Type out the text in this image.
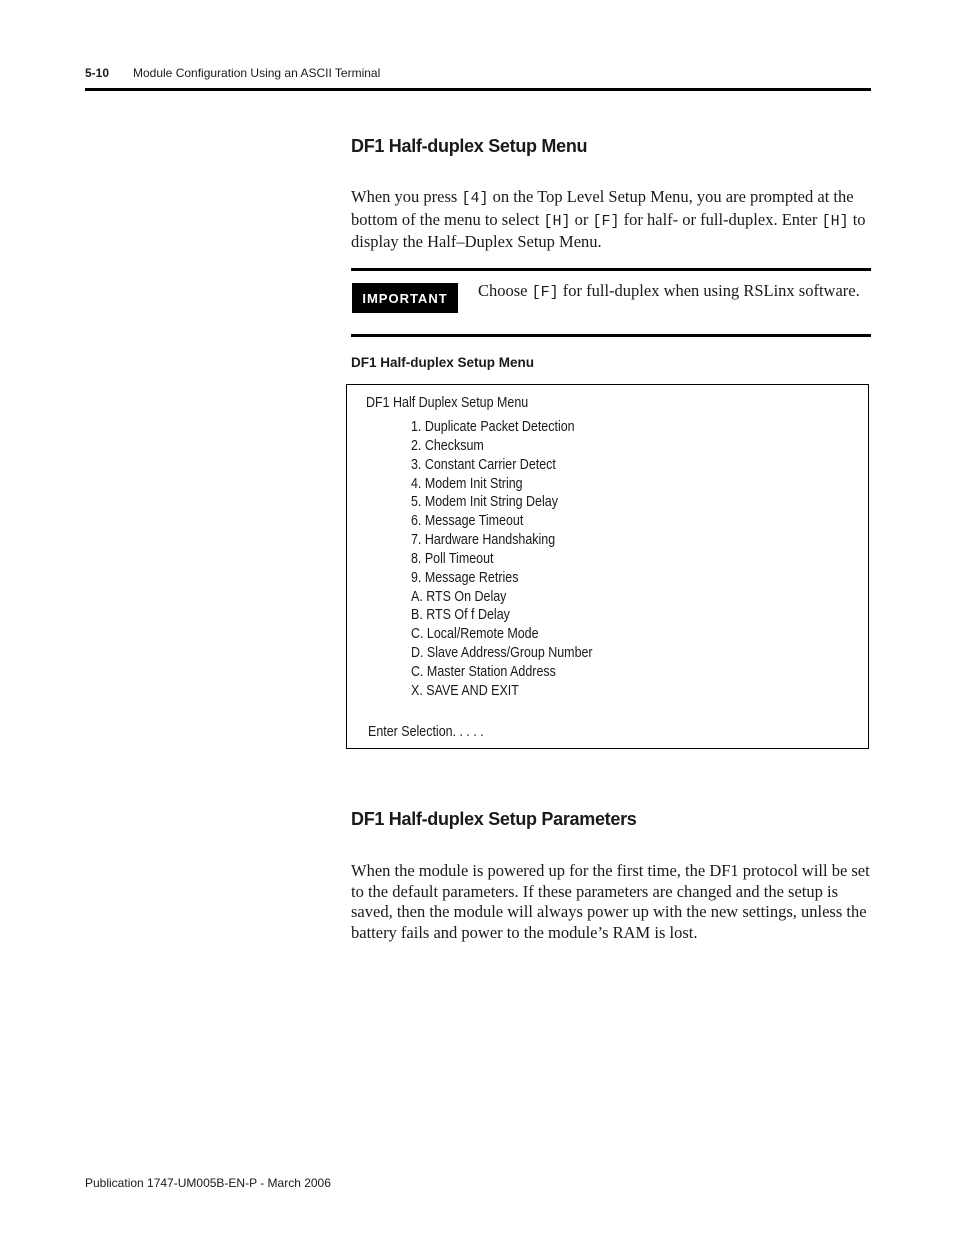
5-10 Module Configuration Using an ASCII Terminal
DF1 Half-duplex Setup Menu
When you press [4] on the Top Level Setup Menu, you are prompted at the bottom of the menu to select [H] or [F] for half- or full-duplex. Enter [H] to display the Half–Duplex Setup Menu.
IMPORTANT	Choose [F] for full-duplex when using RSLinx software.
DF1 Half-duplex Setup Menu
DF1 Half Duplex Setup Menu
1. Duplicate Packet Detection
2. Checksum
3. Constant Carrier Detect
4. Modem Init String
5. Modem Init String Delay
6. Message Timeout
7. Hardware Handshaking
8. Poll Timeout
9. Message Retries
A. RTS On Delay
B. RTS Of f Delay
C. Local/Remote Mode
D. Slave Address/Group Number
C. Master Station Address
X. SAVE AND EXIT
Enter Selection. . . . .
DF1 Half-duplex Setup Parameters
When the module is powered up for the first time, the DF1 protocol will be set to the default parameters. If these parameters are changed and the setup is saved, then the module will always power up with the new settings, unless the battery fails and power to the module’s RAM is lost.
Publication 1747-UM005B-EN-P - March 2006
